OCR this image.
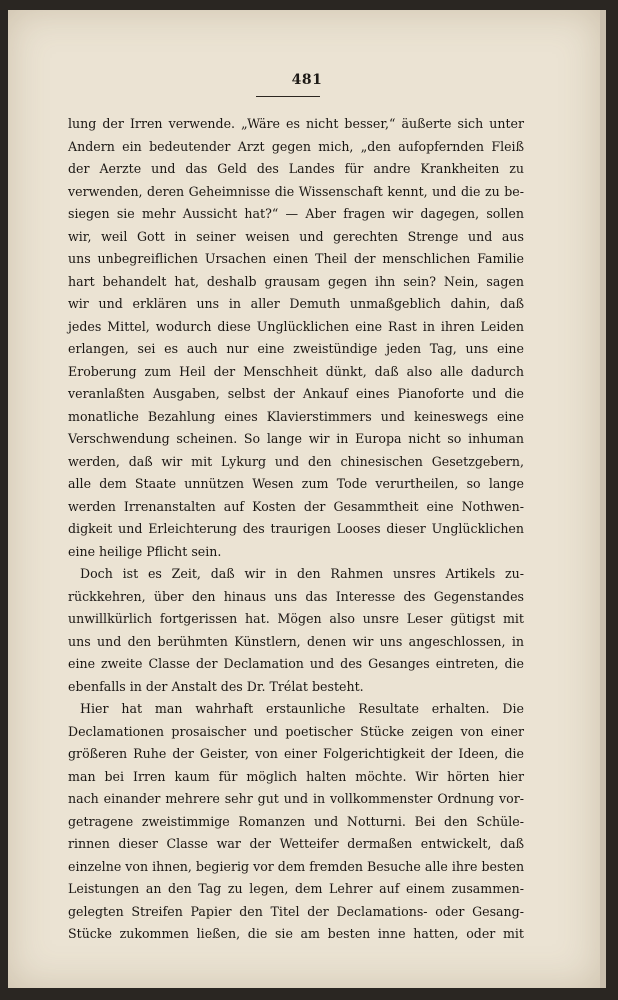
481
lung der Irren verwende. „Wäre es nicht besser,“ äußerte sich unter
Andern ein bedeutender Arzt gegen mich, „den aufopfernden Fleiß
der Aerzte und das Geld des Landes für andre Krankheiten zu
verwenden, deren Geheimnisse die Wissenschaft kennt, und die zu be-
siegen sie mehr Aussicht hat?“ — Aber fragen wir dagegen, sollen
wir, weil Gott in seiner weisen und gerechten Strenge und aus
uns unbegreiflichen Ursachen einen Theil der menschlichen Familie
hart behandelt hat, deshalb grausam gegen ihn sein? Nein, sagen
wir und erklären uns in aller Demuth unmaßgeblich dahin, daß
jedes Mittel, wodurch diese Unglücklichen eine Rast in ihren Leiden
erlangen, sei es auch nur eine zweistündige jeden Tag, uns eine
Eroberung zum Heil der Menschheit dünkt, daß also alle dadurch
veranlaßten Ausgaben, selbst der Ankauf eines Pianoforte und die
monatliche Bezahlung eines Klavierstimmers und keineswegs eine
Verschwendung scheinen. So lange wir in Europa nicht so inhuman
werden, daß wir mit Lykurg und den chinesischen Gesetzgebern,
alle dem Staate unnützen Wesen zum Tode verurtheilen, so lange
werden Irrenanstalten auf Kosten der Gesammtheit eine Nothwen-
digkeit und Erleichterung des traurigen Looses dieser Unglücklichen
eine heilige Pflicht sein.
Doch ist es Zeit, daß wir in den Rahmen unsres Artikels zu-
rückkehren, über den hinaus uns das Interesse des Gegenstandes
unwillkürlich fortgerissen hat. Mögen also unsre Leser gütigst mit
uns und den berühmten Künstlern, denen wir uns angeschlossen, in
eine zweite Classe der Declamation und des Gesanges eintreten, die
ebenfalls in der Anstalt des Dr. Trélat besteht.
Hier hat man wahrhaft erstaunliche Resultate erhalten. Die
Declamationen prosaischer und poetischer Stücke zeigen von einer
größeren Ruhe der Geister, von einer Folgerichtigkeit der Ideen, die
man bei Irren kaum für möglich halten möchte. Wir hörten hier
nach einander mehrere sehr gut und in vollkommenster Ordnung vor-
getragene zweistimmige Romanzen und Notturni. Bei den Schüle-
rinnen dieser Classe war der Wetteifer dermaßen entwickelt, daß
einzelne von ihnen, begierig vor dem fremden Besuche alle ihre besten
Leistungen an den Tag zu legen, dem Lehrer auf einem zusammen-
gelegten Streifen Papier den Titel der Declamations- oder Gesang-
Stücke zukommen ließen, die sie am besten inne hatten, oder mit
